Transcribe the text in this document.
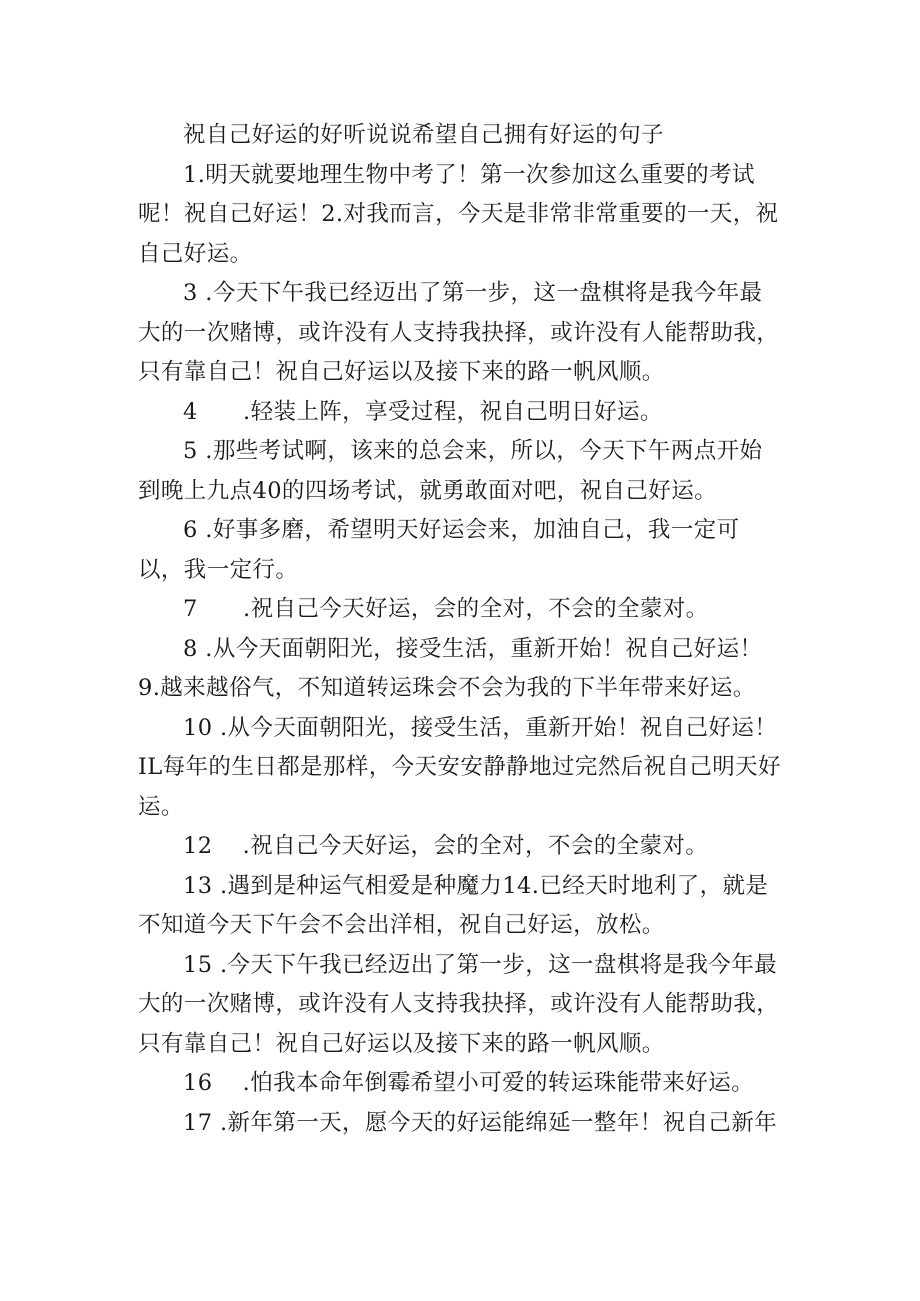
祝自己好运的好听说说希望自己拥有好运的句子

1.明天就要地理生物中考了！第一次参加这么重要的考试呢！祝自己好运！2.对我而言，今天是非常非常重要的一天，祝自己好运。

3 .今天下午我已经迈出了第一步，这一盘棋将是我今年最大的一次赌博，或许没有人支持我抉择，或许没有人能帮助我，只有靠自己！祝自己好运以及接下来的路一帆风顺。

4      .轻装上阵，享受过程，祝自己明日好运。

5 .那些考试啊，该来的总会来，所以，今天下午两点开始到晚上九点40的四场考试，就勇敢面对吧，祝自己好运。

6 .好事多磨，希望明天好运会来，加油自己，我一定可以，我一定行。

7      .祝自己今天好运，会的全对，不会的全蒙对。

8 .从今天面朝阳光，接受生活，重新开始！祝自己好运！9.越来越俗气，不知道转运珠会不会为我的下半年带来好运。

10 .从今天面朝阳光，接受生活，重新开始！祝自己好运！IL每年的生日都是那样，今天安安静静地过完然后祝自己明天好运。

12    .祝自己今天好运，会的全对，不会的全蒙对。

13 .遇到是种运气相爱是种魔力14.已经天时地利了，就是不知道今天下午会不会出洋相，祝自己好运，放松。

15 .今天下午我已经迈出了第一步，这一盘棋将是我今年最大的一次赌博，或许没有人支持我抉择，或许没有人能帮助我，只有靠自己！祝自己好运以及接下来的路一帆风顺。

16    .怕我本命年倒霉希望小可爱的转运珠能带来好运。

17 .新年第一天，愿今天的好运能绵延一整年！祝自己新年
